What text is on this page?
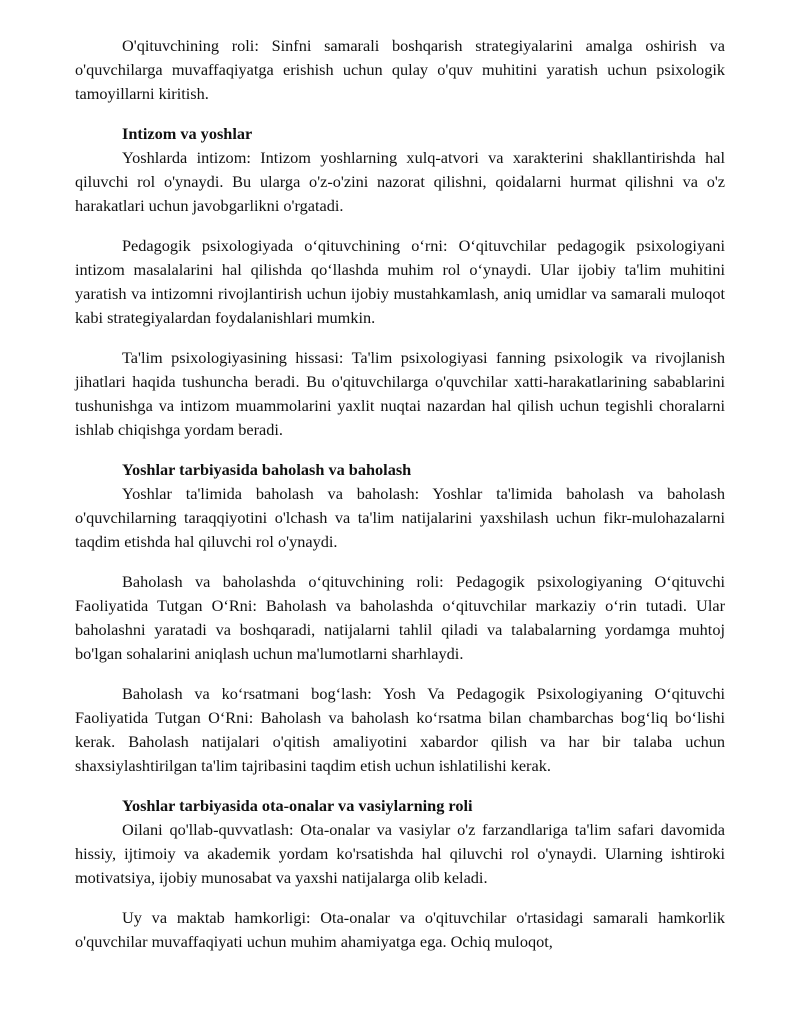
O'qituvchining roli: Sinfni samarali boshqarish strategiyalarini amalga oshirish va o'quvchilarga muvaffaqiyatga erishish uchun qulay o'quv muhitini yaratish uchun psixologik tamoyillarni kiritish.

Intizom va yoshlar

Yoshlarda intizom: Intizom yoshlarning xulq-atvori va xarakterini shakllantirishda hal qiluvchi rol o'ynaydi. Bu ularga o'z-o'zini nazorat qilishni, qoidalarni hurmat qilishni va o'z harakatlari uchun javobgarlikni o'rgatadi.

Pedagogik psixologiyada o‘qituvchining o‘rni: O‘qituvchilar pedagogik psixologiyani intizom masalalarini hal qilishda qo‘llashda muhim rol o‘ynaydi. Ular ijobiy ta'lim muhitini yaratish va intizomni rivojlantirish uchun ijobiy mustahkamlash, aniq umidlar va samarali muloqot kabi strategiyalardan foydalanishlari mumkin.

Ta'lim psixologiyasining hissasi: Ta'lim psixologiyasi fanning psixologik va rivojlanish jihatlari haqida tushuncha beradi. Bu o'qituvchilarga o'quvchilar xatti-harakatlarining sabablarini tushunishga va intizom muammolarini yaxlit nuqtai nazardan hal qilish uchun tegishli choralarni ishlab chiqishga yordam beradi.

Yoshlar tarbiyasida baholash va baholash

Yoshlar ta'limida baholash va baholash: Yoshlar ta'limida baholash va baholash o'quvchilarning taraqqiyotini o'lchash va ta'lim natijalarini yaxshilash uchun fikr-mulohazalarni taqdim etishda hal qiluvchi rol o'ynaydi.

Baholash va baholashda o‘qituvchining roli: Pedagogik psixologiyaning O‘qituvchi Faoliyatida Tutgan O‘Rni: Baholash va baholashda o‘qituvchilar markaziy o‘rin tutadi. Ular baholashni yaratadi va boshqaradi, natijalarni tahlil qiladi va talabalarning yordamga muhtoj bo'lgan sohalarini aniqlash uchun ma'lumotlarni sharhlaydi.

Baholash va ko‘rsatmani bog‘lash: Yosh Va Pedagogik Psixologiyaning O‘qituvchi Faoliyatida Tutgan O‘Rni: Baholash va baholash ko‘rsatma bilan chambarchas bog‘liq bo‘lishi kerak. Baholash natijalari o'qitish amaliyotini xabardor qilish va har bir talaba uchun shaxsiylashtirilgan ta'lim tajribasini taqdim etish uchun ishlatilishi kerak.

Yoshlar tarbiyasida ota-onalar va vasiylarning roli

Oilani qo'llab-quvvatlash: Ota-onalar va vasiylar o'z farzandlariga ta'lim safari davomida hissiy, ijtimoiy va akademik yordam ko'rsatishda hal qiluvchi rol o'ynaydi. Ularning ishtiroki motivatsiya, ijobiy munosabat va yaxshi natijalarga olib keladi.

Uy va maktab hamkorligi: Ota-onalar va o'qituvchilar o'rtasidagi samarali hamkorlik o'quvchilar muvaffaqiyati uchun muhim ahamiyatga ega. Ochiq muloqot,
